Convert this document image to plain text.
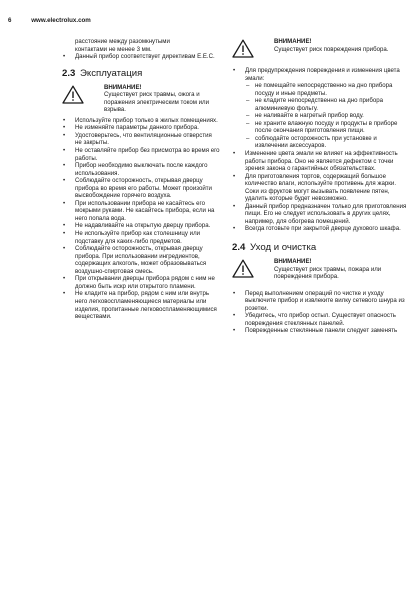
6	www.electrolux.com
расстояние между разомкнутыми
контактами не менее 3 мм.
• Данный прибор соответствует директивам E.E.C.
2.3 Эксплуатация
ВНИМАНИЕ!
Существует риск травмы, ожога и поражения электрическим током или взрыва.
• Используйте прибор только в жилых помещениях.
• Не изменяйте параметры данного прибора.
• Удостоверьтесь, что вентиляционные отверстия не закрыты.
• Не оставляйте прибор без присмотра во время его работы.
• Прибор необходимо выключать после каждого использования.
• Соблюдайте осторожность, открывая дверцу прибора во время его работы. Может произойти высвобождение горячего воздуха.
• При использовании прибора не касайтесь его мокрыми руками. Не касайтесь прибора, если на него попала вода.
• Не надавливайте на открытую дверцу прибора.
• Не используйте прибор как столешницу или подставку для каких-либо предметов.
• Соблюдайте осторожность, открывая дверцу прибора. При использовании ингредиентов, содержащих алкоголь, может образовываться воздушно-спиртовая смесь.
• При открывании дверцы прибора рядом с ним не должно быть искр или открытого пламени.
• Не кладите на прибор, рядом с ним или внутрь него легковоспламеняющиеся материалы или изделия, пропитанные легковоспламеняющимися веществами.
ВНИМАНИЕ!
Существует риск повреждения прибора.
• Для предупреждения повреждения и изменения цвета эмали:
– не помещайте непосредственно на дно прибора посуду и иные предметы.
– не кладите непосредственно на дно прибора алюминиевую фольгу.
– не наливайте в нагретый прибор воду.
– не храните влажную посуду и продукты в приборе после окончания приготовления пищи.
– соблюдайте осторожность при установке и извлечении аксессуаров.
• Изменение цвета эмали не влияет на эффективность работы прибора. Оно не является дефектом с точки зрения закона о гарантийных обязательствах.
• Для приготовления тортов, содержащий большое количество влаги, используйте противень для жарки. Соки из фруктов могут вызывать появление пятен, удалить которые будет невозможно.
• Данный прибор предназначен только для приготовления пищи. Его не следует использовать в других целях, например, для обогрева помещений.
• Всегда готовьте при закрытой дверце духового шкафа.
2.4 Уход и очистка
ВНИМАНИЕ!
Существует риск травмы, пожара или повреждения прибора.
• Перед выполнением операций по чистке и уходу выключите прибор и извлеките вилку сетевого шнура из розетки.
• Убедитесь, что прибор остыл. Существует опасность повреждения стеклянных панелей.
• Поврежденные стеклянные панели следует заменять
